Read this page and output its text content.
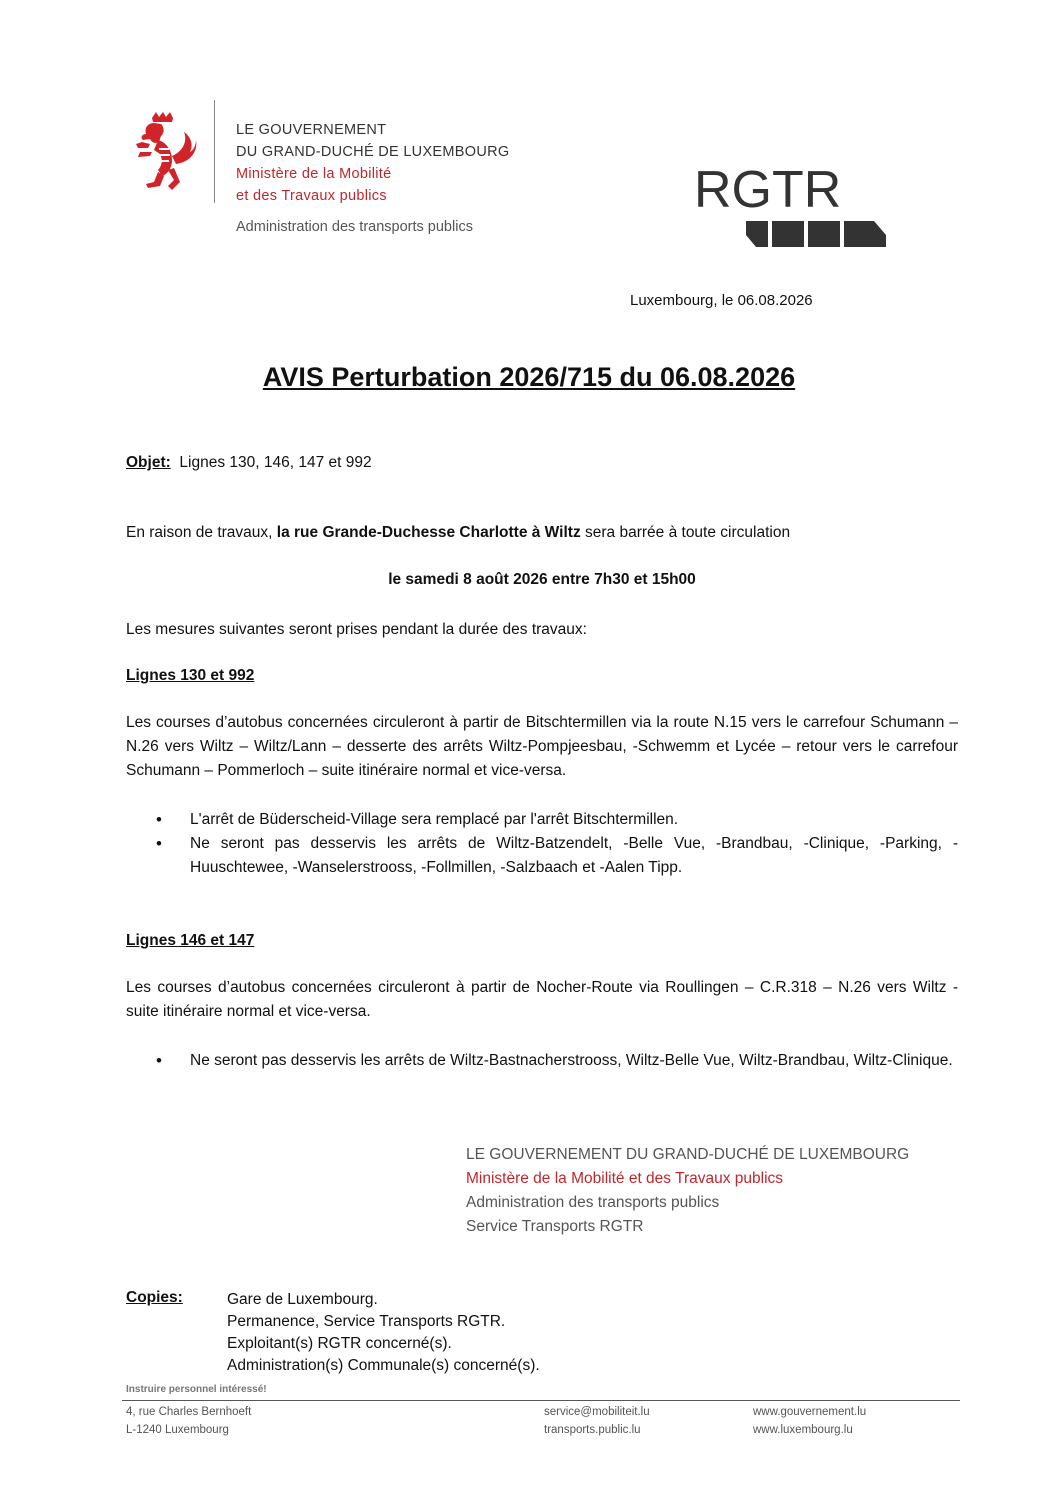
LE GOUVERNEMENT
DU GRAND-DUCHÉ DE LUXEMBOURG
Ministère de la Mobilité
et des Travaux publics
Administration des transports publics
RGTR
Luxembourg, le 06.08.2026
AVIS Perturbation 2026/715 du 06.08.2026
Objet: Lignes 130, 146, 147 et 992
En raison de travaux, la rue Grande-Duchesse Charlotte à Wiltz sera barrée à toute circulation
le samedi 8 août 2026 entre 7h30 et 15h00
Les mesures suivantes seront prises pendant la durée des travaux:
Lignes 130 et 992
Les courses d’autobus concernées circuleront à partir de Bitschtermillen via la route N.15 vers le carrefour Schumann – N.26 vers Wiltz – Wiltz/Lann – desserte des arrêts Wiltz-Pompjeesbau, -Schwemm et Lycée – retour vers le carrefour Schumann – Pommerloch – suite itinéraire normal et vice-versa.
• L'arrêt de Büderscheid-Village sera remplacé par l'arrêt Bitschtermillen.
• Ne seront pas desservis les arrêts de Wiltz-Batzendelt, -Belle Vue, -Brandbau, -Clinique, -Parking, -Huuschtewee, -Wanselerstrooss, -Follmillen, -Salzbaach et -Aalen Tipp.
Lignes 146 et 147
Les courses d’autobus concernées circuleront à partir de Nocher-Route via Roullingen – C.R.318 – N.26 vers Wiltz - suite itinéraire normal et vice-versa.
• Ne seront pas desservis les arrêts de Wiltz-Bastnacherstrooss, Wiltz-Belle Vue, Wiltz-Brandbau, Wiltz-Clinique.
LE GOUVERNEMENT DU GRAND-DUCHÉ DE LUXEMBOURG
Ministère de la Mobilité et des Travaux publics
Administration des transports publics
Service Transports RGTR
Copies:	Gare de Luxembourg.
Permanence, Service Transports RGTR.
Exploitant(s) RGTR concerné(s).
Administration(s) Communale(s) concerné(s).
Instruire personnel intéressé!
4, rue Charles Bernhoeft
L-1240 Luxembourg
service@mobiliteit.lu
transports.public.lu
www.gouvernement.lu
www.luxembourg.lu
